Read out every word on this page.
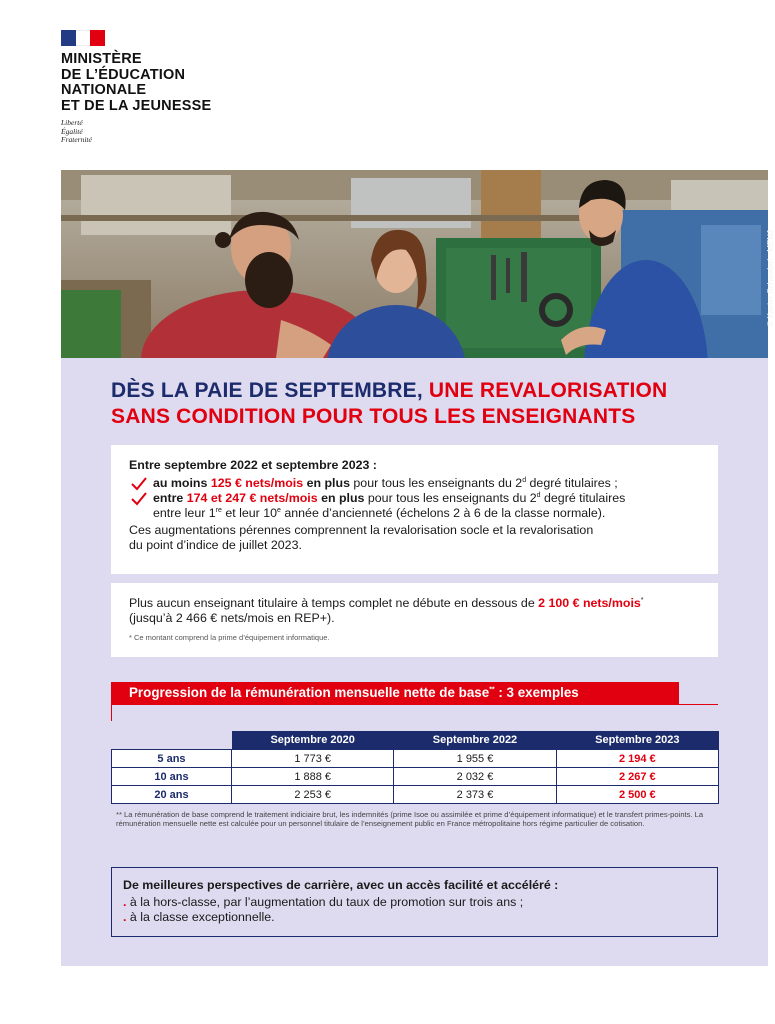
MINISTÈRE
DE L’ÉDUCATION
NATIONALE
ET DE LA JEUNESSE
Liberté
Égalité
Fraternité
© Xavier Schwebel - MENJ
DÈS LA PAIE DE SEPTEMBRE, UNE REVALORISATION
SANS CONDITION POUR TOUS LES ENSEIGNANTS
Entre septembre 2022 et septembre 2023 :
au moins 125 € nets/mois en plus pour tous les enseignants du 2$^d$ degré titulaires ;
entre 174 et 247 € nets/mois en plus pour tous les enseignants du 2$^d$ degré titulaires
entre leur 1re et leur 10e année d’ancienneté (échelons 2 à 6 de la classe normale).
Ces augmentations pérennes comprennent la revalorisation socle et la revalorisation
du point d’indice de juillet 2023.
Plus aucun enseignant titulaire à temps complet ne débute en dessous de 2 100 € nets/mois*
(jusqu’à 2 466 € nets/mois en REP+).
* Ce montant comprend la prime d’équipement informatique.
Progression de la rémunération mensuelle nette de base** : 3 exemples
	Septembre 2020	Septembre 2022	Septembre 2023
5 ans	1 773 €	1 955 €	2 194 €
10 ans	1 888 €	2 032 €	2 267 €
20 ans	2 253 €	2 373 €	2 500 €
** La rémunération de base comprend le traitement indiciaire brut, les indemnités (prime Isoe ou assimilée et prime d’équipement informatique) et le transfert primes-points. La rémunération mensuelle nette est calculée pour un personnel titulaire de l’enseignement public en France métropolitaine hors régime particulier de cotisation.
De meilleures perspectives de carrière, avec un accès facilité et accéléré :
. à la hors-classe, par l’augmentation du taux de promotion sur trois ans ;
. à la classe exceptionnelle.
